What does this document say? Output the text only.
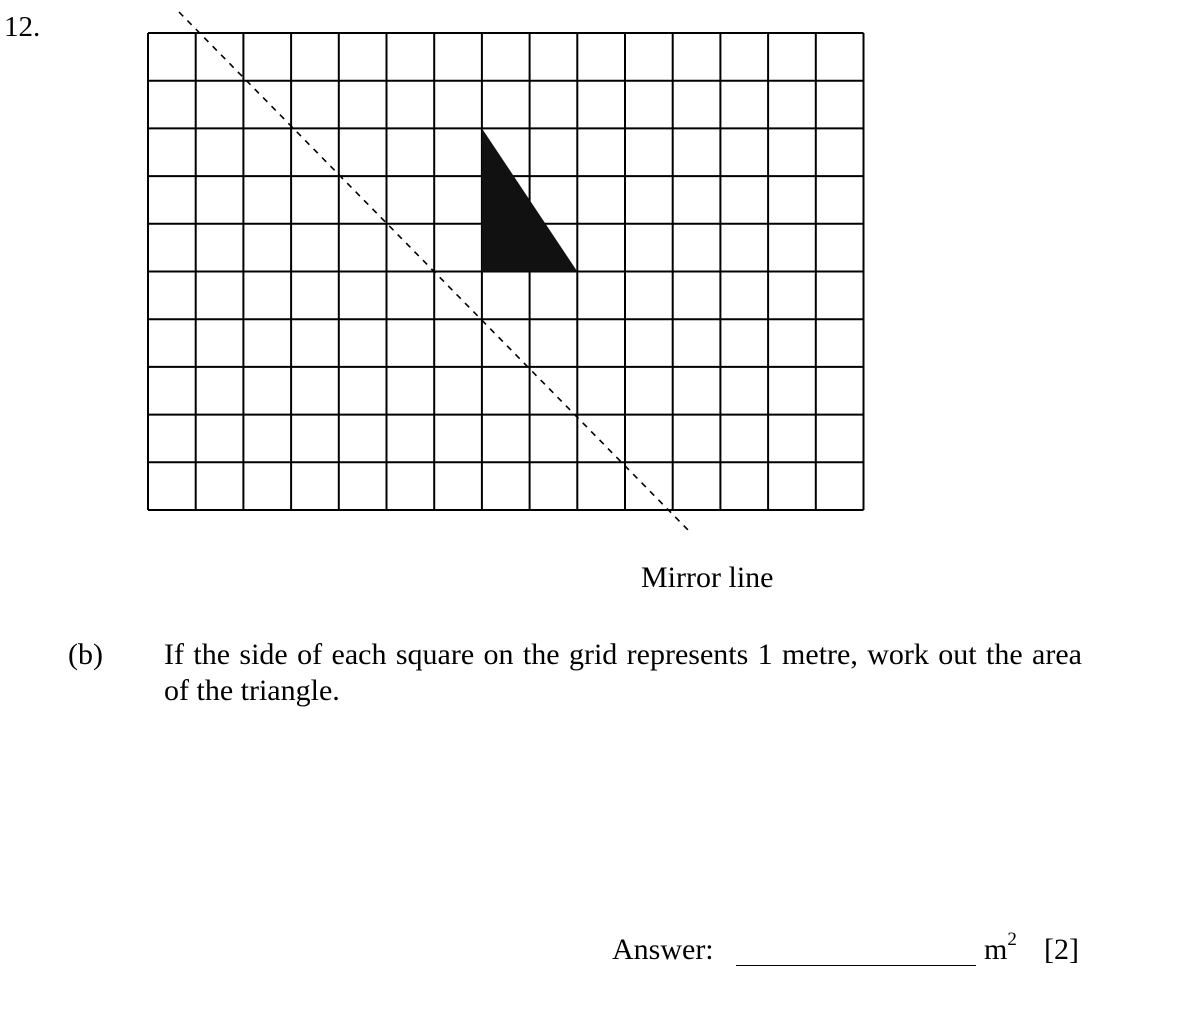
12.
Mirror line
(b) If the side of each square on the grid represents 1 metre, work out the area of the triangle.
Answer:	$m^2$ [2]
